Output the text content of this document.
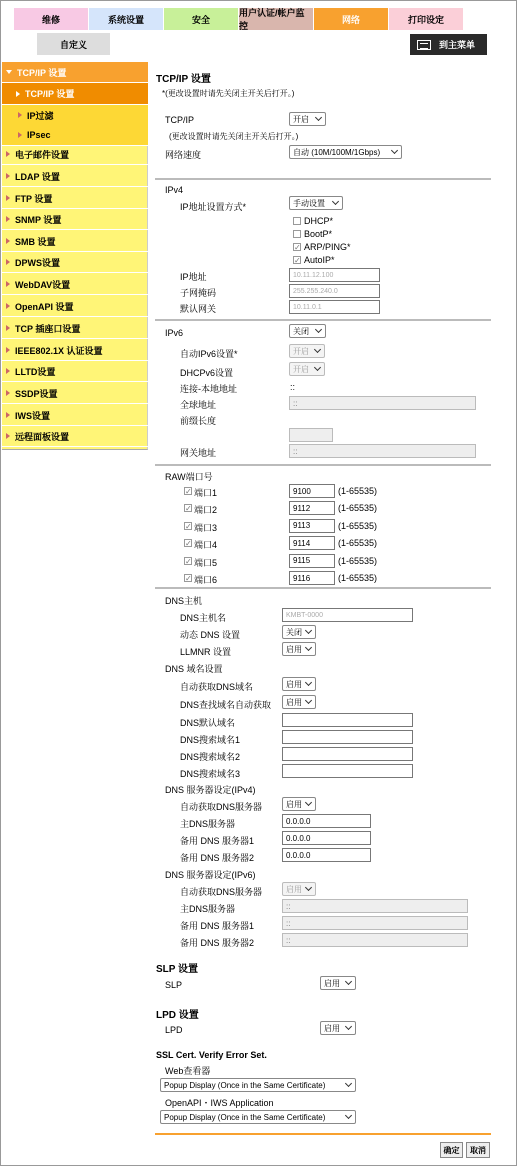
维修	系统设置	安全
用户认证/帐户监控
网络	打印设定
自定义	到主菜单
TCP/IP 设置
TCP/IP 设置
IP过滤
IPsec
电子邮件设置
LDAP 设置
FTP 设置
SNMP 设置
SMB 设置
DPWS设置
WebDAV设置
OpenAPI 设置
TCP 插座口设置
IEEE802.1X 认证设置
LLTD设置
SSDP设置
IWS设置
远程面板设置
TCP/IP 设置
*(更改设置时请先关闭主开关后打开。)
TCP/IP	开启
(更改设置时请先关闭主开关后打开。)
网络速度	自动 (10M/100M/1Gbps)
IPv4
IP地址设置方式*	手动设置
DHCP*
BootP*
✓ ARP/PING*
✓ AutoIP*
IP地址	10.11.12.100
子网掩码	255.255.240.0
默认网关	10.11.0.1
IPv6	关闭
自动IPv6设置*	开启
DHCPv6设置	开启
连接-本地地址	::
全球地址	::
前缀长度
网关地址	::
RAW端口号
✓ 端口1	9100	(1-65535)
✓ 端口2	9112	(1-65535)
✓ 端口3	9113	(1-65535)
✓ 端口4	9114	(1-65535)
✓ 端口5	9115	(1-65535)
✓ 端口6	9116	(1-65535)
DNS主机
DNS主机名	KMBT-0000
动态 DNS 设置	关闭
LLMNR 设置	启用
DNS 域名设置
自动获取DNS域名	启用
DNS查找域名自动获取 启用
DNS默认域名
DNS搜索域名1
DNS搜索域名2
DNS搜索域名3
DNS 服务器设定(IPv4)
自动获取DNS服务器	启用
主DNS服务器	0.0.0.0
备用 DNS 服务器1	0.0.0.0
备用 DNS 服务器2	0.0.0.0
DNS 服务器设定(IPv6)
自动获取DNS服务器	启用
主DNS服务器	::
备用 DNS 服务器1	::
备用 DNS 服务器2	::
SLP 设置
SLP	启用
LPD 设置
LPD	启用
SSL Cert. Verify Error Set.
Web查看器
Popup Display (Once in the Same Certificate)
OpenAPI・IWS Application
Popup Display (Once in the Same Certificate)
确定	取消
